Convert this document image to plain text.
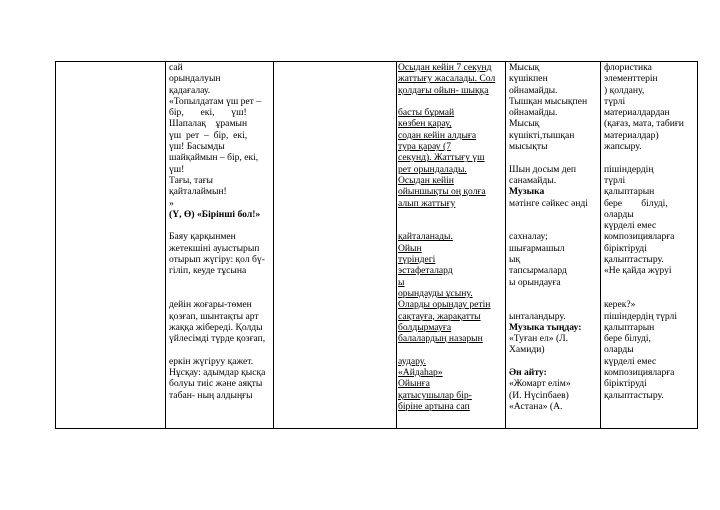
сай

орындалуын

қадағалау.

«Топылдатам үш рет –

бір,       екі,       үш!

Шапалақ    ұрамын

үш  рет  –  бір,  екі,

үш! Басымды

шайқаймын – бір, екі,

үш!

Тағы, тағы

қайталаймын!

»

(Ү, Ө) «Бірінші бол!»

Баяу қарқынмен

жетекшіні ауыстырып

отырып жүгіру: қол бү-

гіліп, кеуде тұсына

дейін жоғары-төмен

қозғап, шынтақты арт

жаққа жібереді. Қолды

үйлесімді түрде қозғап,

еркін жүгіруу қажет.

Нұсқау: адымдар қысқа

болуы тиіс және аяқты

табан- ның алдыңғы

Осыдан кейін 7 секунд

жаттығу жасалады. Сол

қолдағы ойын- шыққа

басты бұрмай

көзбен қарау,

содан кейін алдыға

тура қарау (7

секунд). Жаттығу үш

рет орындалады.

Осыдан кейін

ойыншықты оң қолға

алып жаттығу

қайталанады.

Ойын

түріндегі

эстафеталард

ы

орындауды ұсыну.

Оларды орындау ретін

сақтауға, жарақатты

болдырмауға

балалардың назарын

аудару.

«Айдаһар»

Ойынға

қатысушылар бір-

біріне артына сап

Мысық

күшікпен

ойнамайды.

Тышқан мысықпен

ойнамайды.

Мысық

күшікті,тышқан

мысықты

Шын досым деп

санамайды.

Музыка

мәтінге сәйкес әнді

сахналау;

шығармашыл

ық

тапсырмалард

ы орындауға

ынталандыру.

Музыка тыңдау:

«Туған ел» (Л.

Хамиди)

Ән айту:

«Жомарт елім»

(И. Нүсіпбаев)

«Астана» (А.

флористика

элементтерін

) қолдану,

түрлі

материалдардан

(қағаз, мата, табиғи

материалдар)

жапсыру.

пішіндердің

түрлі

қалыптарын

бере        білуді,

оларды

күрделі емес

композицияларға

біріктіруді

қалыптастыру.

«Не қайда жүруі

керек?»

пішіндердің түрлі

қалыптарын

бере білуді,

оларды

күрделі емес

композицияларға

біріктіруді

қалыптастыру.
